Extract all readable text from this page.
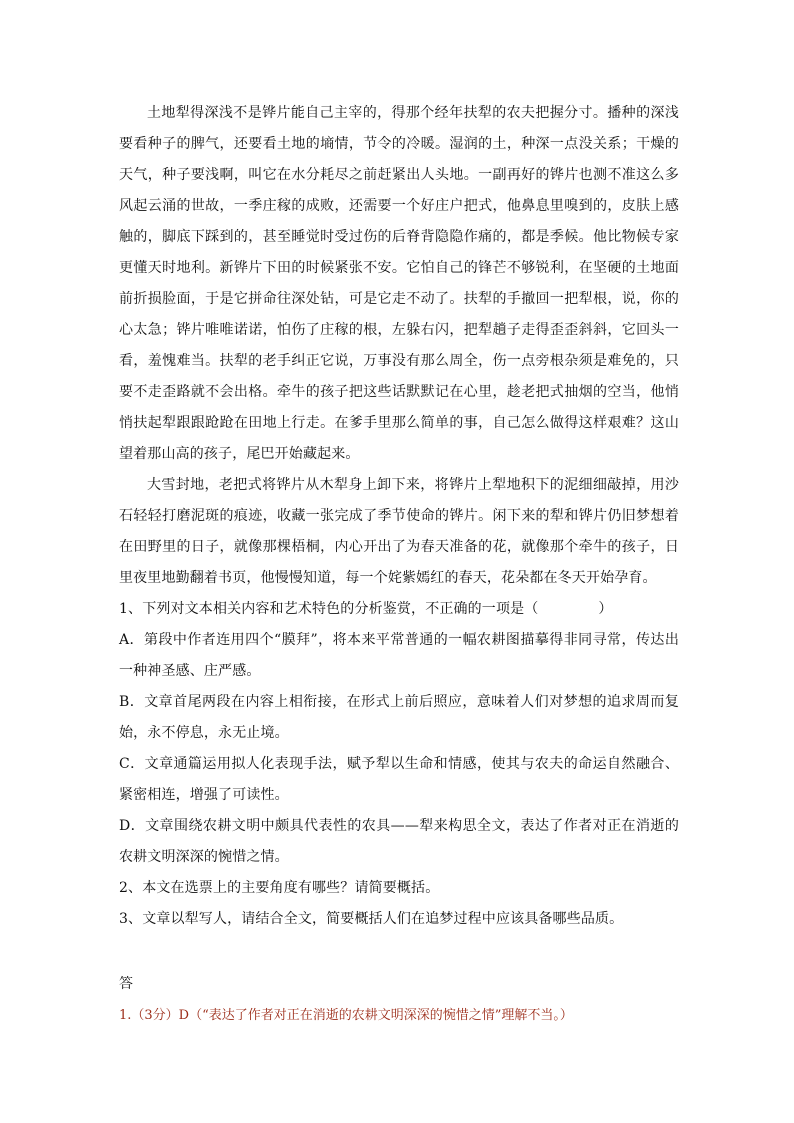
土地犁得深浅不是铧片能自己主宰的，得那个经年扶犁的农夫把握分寸。播种的深浅要看种子的脾气，还要看土地的墒情，节令的冷暖。湿润的土，种深一点没关系；干燥的天气，种子要浅啊，叫它在水分耗尽之前赶紧出人头地。一副再好的铧片也测不准这么多风起云涌的世故，一季庄稼的成败，还需要一个好庄户把式，他鼻息里嗅到的，皮肤上感触的，脚底下踩到的，甚至睡觉时受过伤的后脊背隐隐作痛的，都是季候。他比物候专家更懂天时地利。新铧片下田的时候紧张不安。它怕自己的锋芒不够锐利，在坚硬的土地面前折损脸面，于是它拼命往深处钻，可是它走不动了。扶犁的手撤回一把犁根，说，你的心太急；铧片唯唯诺诺，怕伤了庄稼的根，左躲右闪，把犁趟子走得歪歪斜斜，它回头一看，羞愧难当。扶犁的老手纠正它说，万事没有那么周全，伤一点旁根杂须是难免的，只要不走歪路就不会出格。牵牛的孩子把这些话默默记在心里，趁老把式抽烟的空当，他悄悄扶起犁跟跟跄跄在田地上行走。在爹手里那么简单的事，自己怎么做得这样艰难？这山望着那山高的孩子，尾巴开始藏起来。

大雪封地，老把式将铧片从木犁身上卸下来，将铧片上犁地积下的泥细细敲掉，用沙石轻轻打磨泥斑的痕迹，收藏一张完成了季节使命的铧片。闲下来的犁和铧片仍旧梦想着在田野里的日子，就像那棵梧桐，内心开出了为春天准备的花，就像那个牵牛的孩子，日里夜里地勤翻着书页，他慢慢知道，每一个姹紫嫣红的春天，花朵都在冬天开始孕育。

1、下列对文本相关内容和艺术特色的分析鉴赏，不正确的一项是（	）

A．第段中作者连用四个“膜拜”，将本来平常普通的一幅农耕图描摹得非同寻常，传达出一种神圣感、庄严感。

B．文章首尾两段在内容上相衔接，在形式上前后照应，意味着人们对梦想的追求周而复始，永不停息，永无止境。

C．文章通篇运用拟人化表现手法，赋予犁以生命和情感，使其与农夫的命运自然融合、紧密相连，增强了可读性。

D．文章围绕农耕文明中颇具代表性的农具——犁来构思全文，表达了作者对正在消逝的农耕文明深深的惋惜之情。

2、本文在选票上的主要角度有哪些？请简要概括。

3、文章以犁写人，请结合全文，简要概括人们在追梦过程中应该具备哪些品质。

答

1.（3分）D（“表达了作者对正在消逝的农耕文明深深的惋惜之情”理解不当。）
